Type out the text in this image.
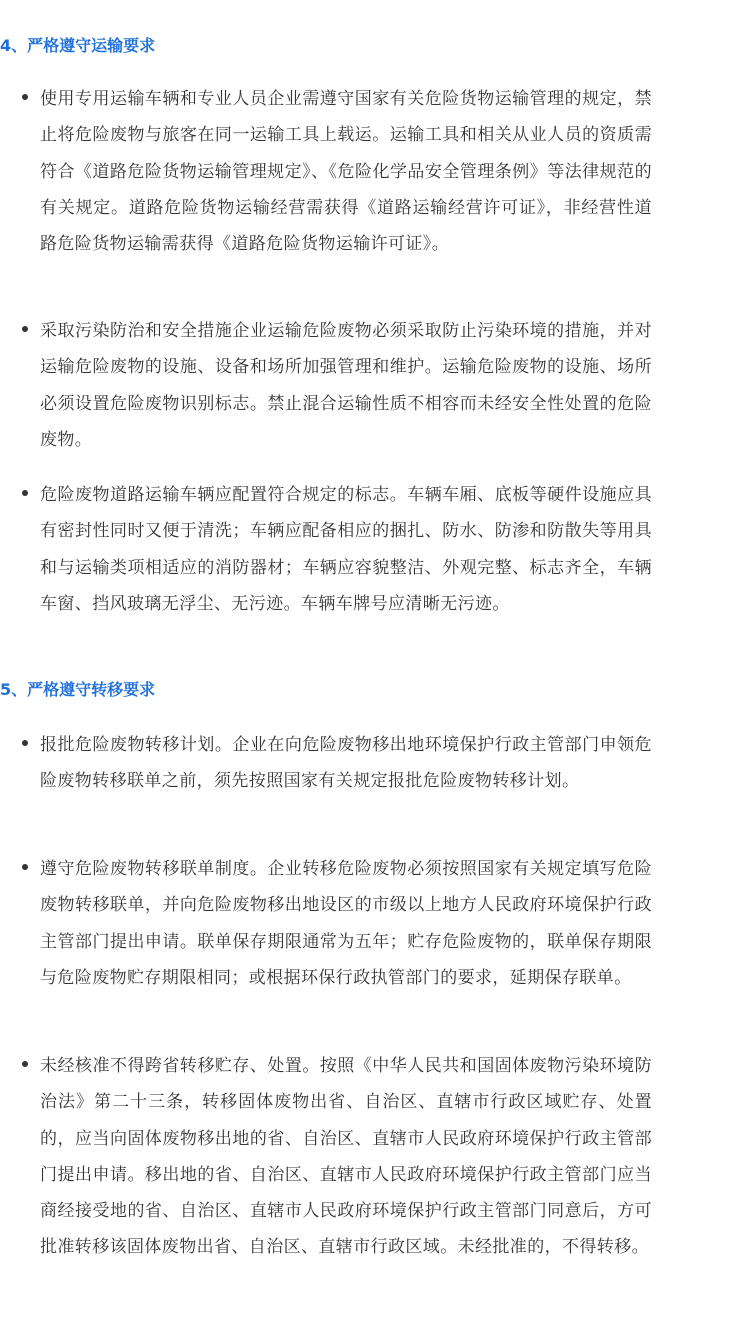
4、严格遵守运输要求
使用专用运输车辆和专业人员企业需遵守国家有关危险货物运输管理的规定，禁止将危险废物与旅客在同一运输工具上载运。运输工具和相关从业人员的资质需符合《道路危险货物运输管理规定》、《危险化学品安全管理条例》等法律规范的有关规定。道路危险货物运输经营需获得《道路运输经营许可证》，非经营性道路危险货物运输需获得《道路危险货物运输许可证》。
采取污染防治和安全措施企业运输危险废物必须采取防止污染环境的措施，并对运输危险废物的设施、设备和场所加强管理和维护。运输危险废物的设施、场所必须设置危险废物识别标志。禁止混合运输性质不相容而未经安全性处置的危险废物。
危险废物道路运输车辆应配置符合规定的标志。车辆车厢、底板等硬件设施应具有密封性同时又便于清洗；车辆应配备相应的捆扎、防水、防渗和防散失等用具和与运输类项相适应的消防器材；车辆应容貌整洁、外观完整、标志齐全，车辆车窗、挡风玻璃无浮尘、无污迹。车辆车牌号应清晰无污迹。
5、严格遵守转移要求
报批危险废物转移计划。企业在向危险废物移出地环境保护行政主管部门申领危险废物转移联单之前，须先按照国家有关规定报批危险废物转移计划。
遵守危险废物转移联单制度。企业转移危险废物必须按照国家有关规定填写危险废物转移联单，并向危险废物移出地设区的市级以上地方人民政府环境保护行政主管部门提出申请。联单保存期限通常为五年；贮存危险废物的，联单保存期限与危险废物贮存期限相同；或根据环保行政执管部门的要求，延期保存联单。
未经核准不得跨省转移贮存、处置。按照《中华人民共和国固体废物污染环境防治法》第二十三条，转移固体废物出省、自治区、直辖市行政区域贮存、处置的，应当向固体废物移出地的省、自治区、直辖市人民政府环境保护行政主管部门提出申请。移出地的省、自治区、直辖市人民政府环境保护行政主管部门应当商经接受地的省、自治区、直辖市人民政府环境保护行政主管部门同意后，方可批准转移该固体废物出省、自治区、直辖市行政区域。未经批准的，不得转移。
